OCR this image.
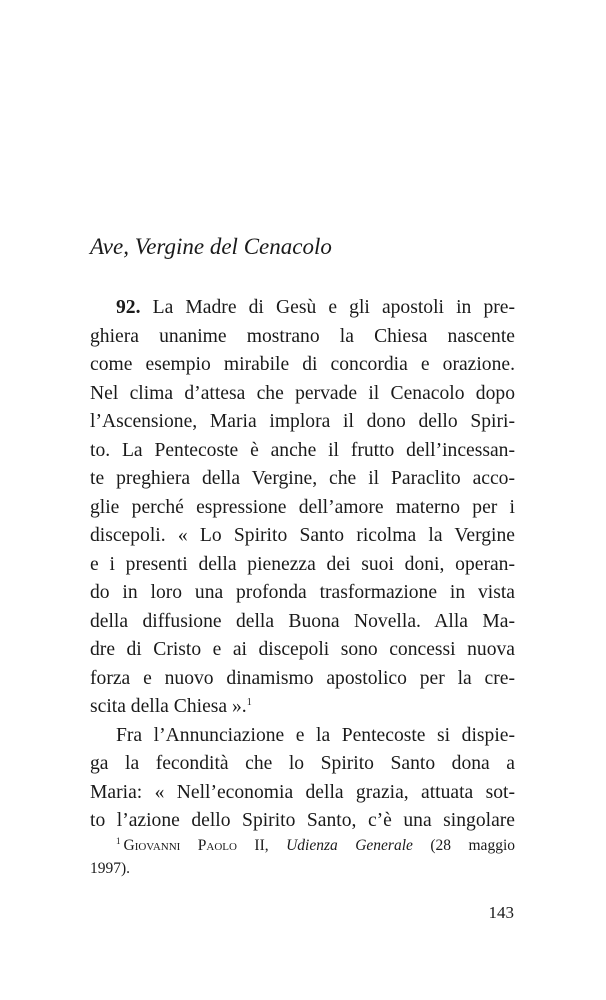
Ave, Vergine del Cenacolo
92. La Madre di Gesù e gli apostoli in pre-
ghiera unanime mostrano la Chiesa nascente
come esempio mirabile di concordia e orazione.
Nel clima d’attesa che pervade il Cenacolo dopo
l’Ascensione, Maria implora il dono dello Spiri-
to. La Pentecoste è anche il frutto dell’incessan-
te preghiera della Vergine, che il Paraclito acco-
glie perché espressione dell’amore materno per i
discepoli. « Lo Spirito Santo ricolma la Vergine
e i presenti della pienezza dei suoi doni, operan-
do in loro una profonda trasformazione in vista
della diffusione della Buona Novella. Alla Ma-
dre di Cristo e ai discepoli sono concessi nuova
forza e nuovo dinamismo apostolico per la cre-
scita della Chiesa ».$^1$
Fra l’Annunciazione e la Pentecoste si dispie-
ga la fecondità che lo Spirito Santo dona a
Maria: « Nell’economia della grazia, attuata sot-
to l’azione dello Spirito Santo, c’è una singolare
$^1$ Giovanni Paolo II, Udienza Generale (28 maggio
1997).
143
